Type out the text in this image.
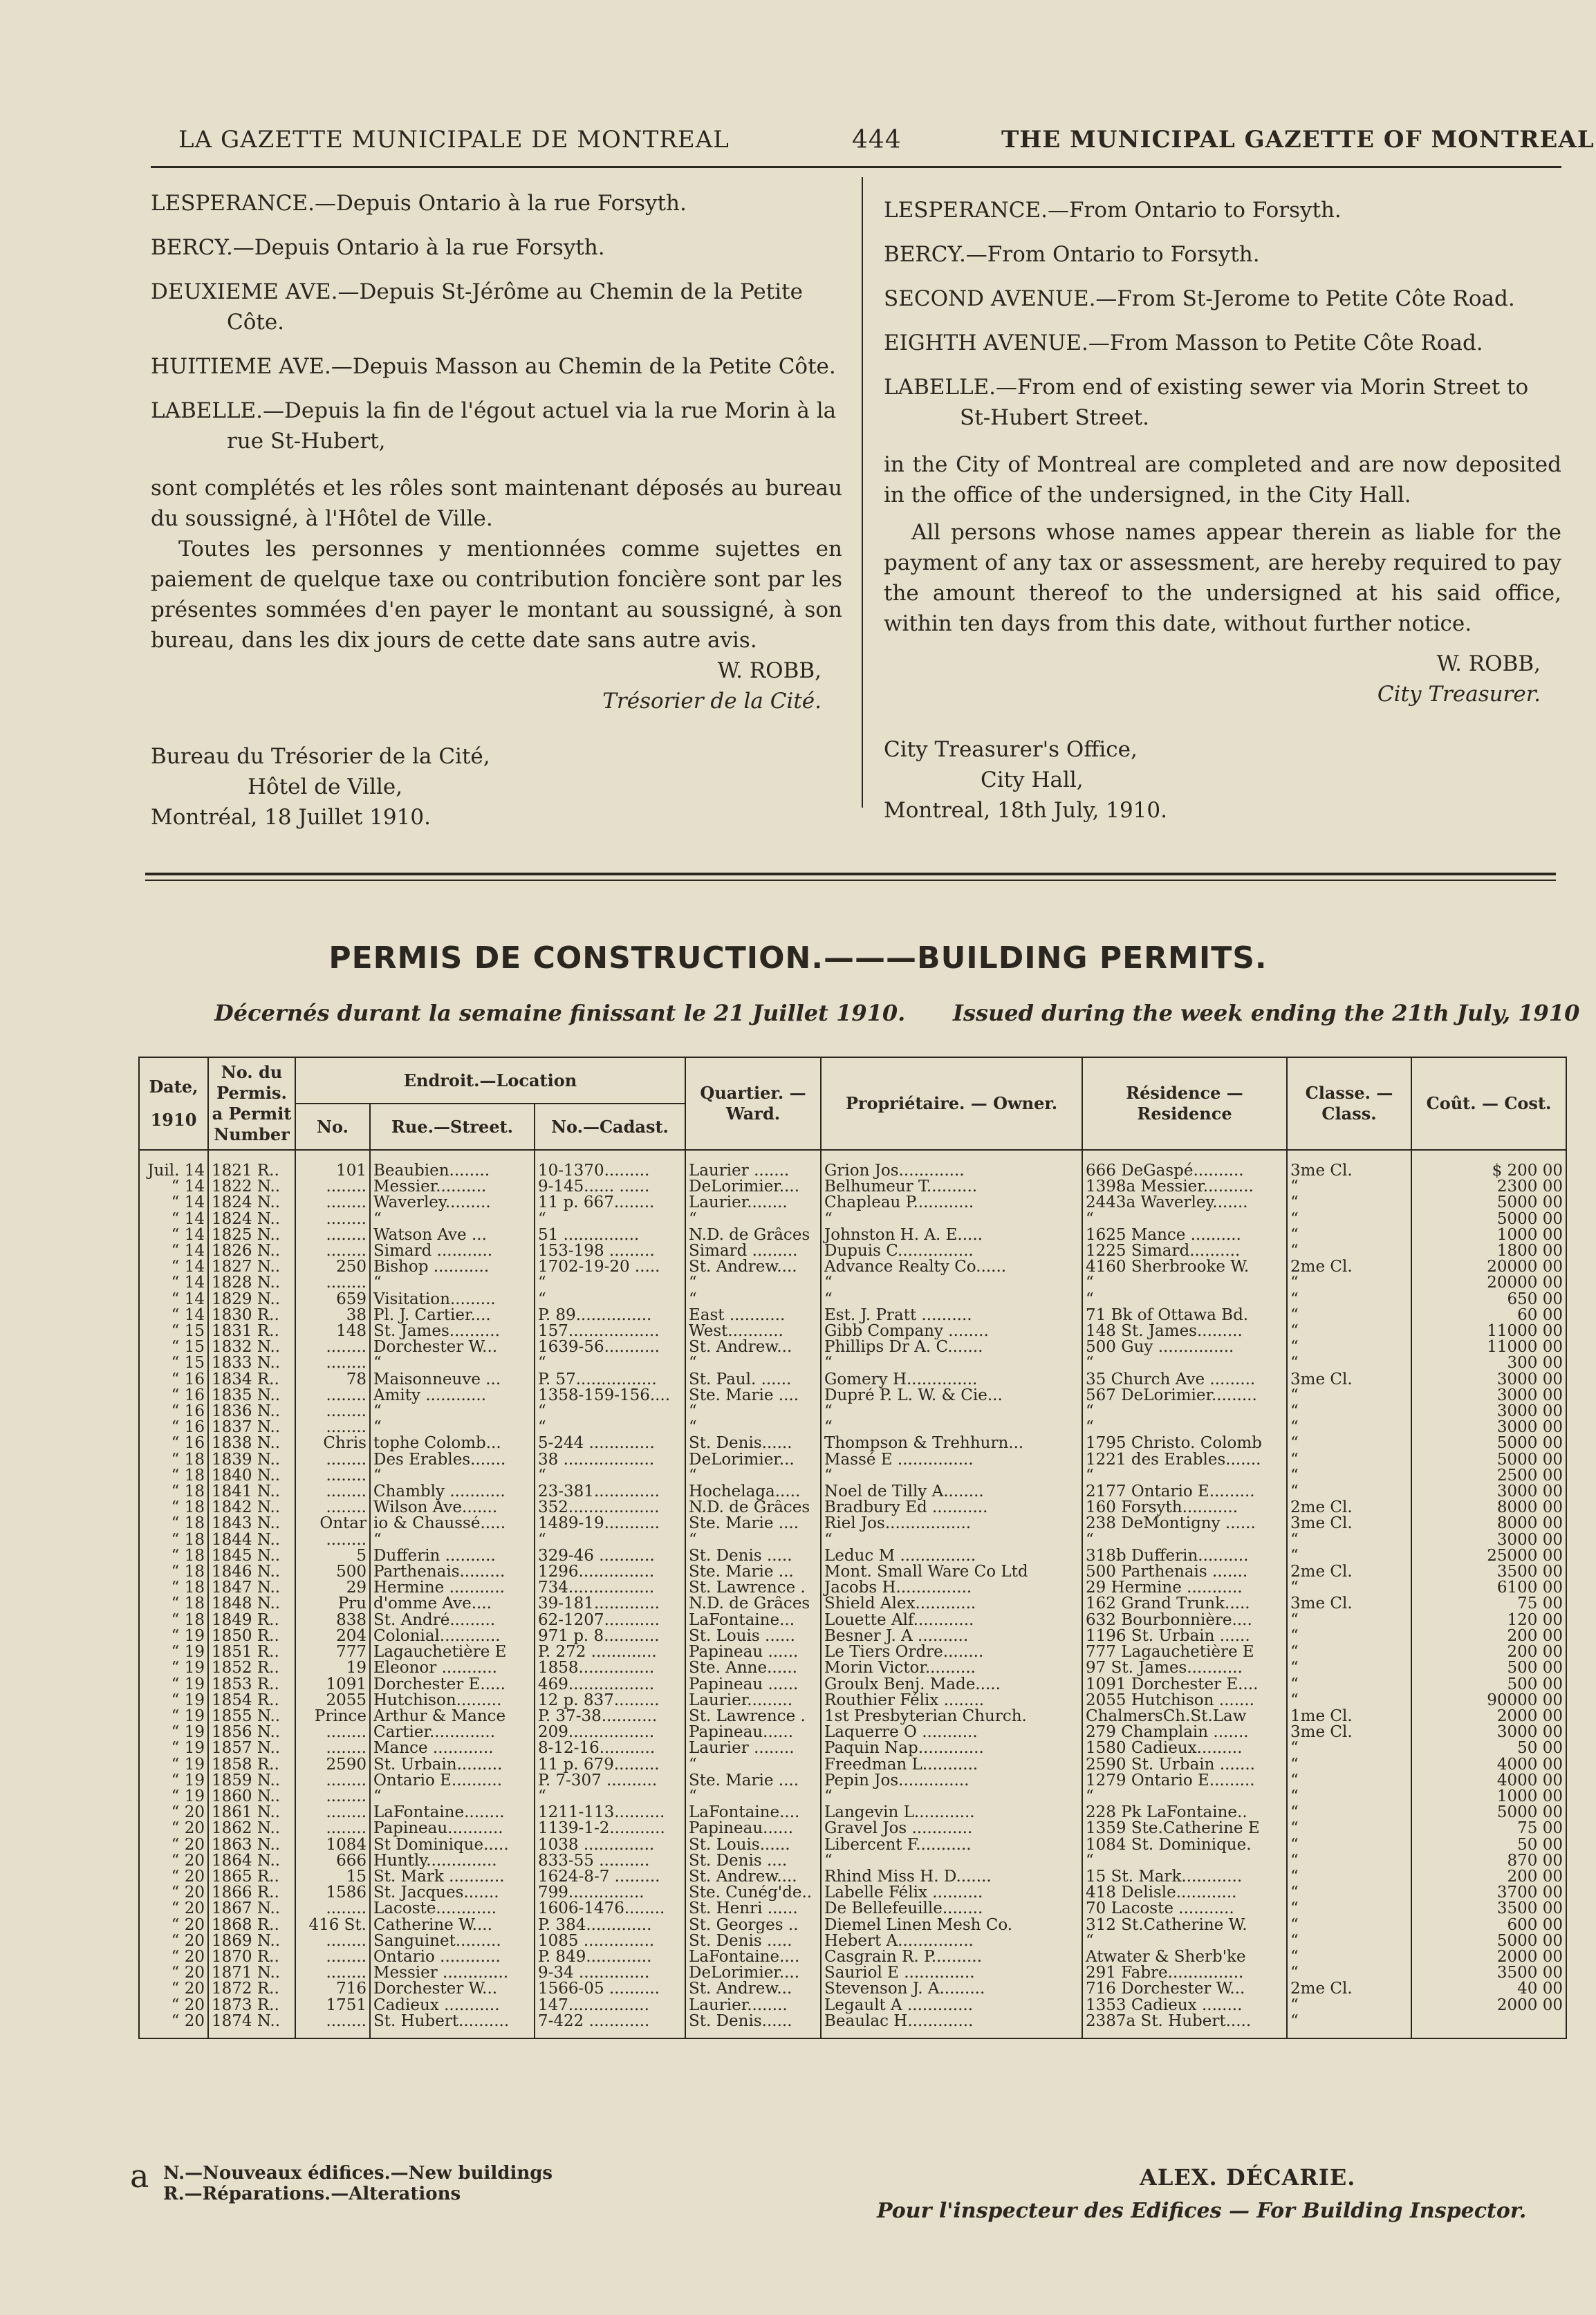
LA GAZETTE MUNICIPALE DE MONTREAL	444	THE MUNICIPAL GAZETTE OF MONTREAL

LESPERANCE.—Depuis Ontario à la rue Forsyth.

BERCY.—Depuis Ontario à la rue Forsyth.

DEUXIEME AVE.—Depuis St-Jérôme au Chemin de la Petite Côte.

HUITIEME AVE.—Depuis Masson au Chemin de la Petite Côte.

LABELLE.—Depuis la fin de l'égout actuel via la rue Morin à la rue St-Hubert,

sont complétés et les rôles sont maintenant déposés au bureau du soussigné, à l'Hôtel de Ville.

Toutes les personnes y mentionnées comme sujettes en paiement de quelque taxe ou contribution foncière sont par les présentes sommées d'en payer le montant au soussigné, à son bureau, dans les dix jours de cette date sans autre avis.

W. ROBB,

Trésorier de la Cité.

Bureau du Trésorier de la Cité,

Hôtel de Ville,

Montréal, 18 Juillet 1910.

LESPERANCE.—From Ontario to Forsyth.

BERCY.—From Ontario to Forsyth.

SECOND AVENUE.—From St-Jerome to Petite Côte Road.

EIGHTH AVENUE.—From Masson to Petite Côte Road.

LABELLE.—From end of existing sewer via Morin Street to St-Hubert Street.

in the City of Montreal are completed and are now deposited in the office of the undersigned, in the City Hall.

All persons whose names appear therein as liable for the payment of any tax or assessment, are hereby required to pay the amount thereof to the undersigned at his said office, within ten days from this date, without further notice.

W. ROBB,

City Treasurer.

City Treasurer's Office,

City Hall,

Montreal, 18th July, 1910.

PERMIS DE CONSTRUCTION.———BUILDING PERMITS.
Décernés durant la semaine finissant le 21 Juillet 1910. Issued during the week ending the 21th July, 1910
Date,
1910	No. du Permis. a Permit Number	Endroit.—Location			Quartier. — Ward.	Propriétaire. — Owner.	Résidence — Residence	Classe. — Class.	Coût. — Cost.
		No.	Rue.—Street.	No.—Cadast.					
Juil. 14	1821 R..	101	Beaubien........	10-1370.........	Laurier .......	Grion Jos.............	666 DeGaspé..........	3me Cl.	$ 200 00
“ 14	1822 N..	........	Messier..........	9-145...... ......	DeLorimier....	Belhumeur T..........	1398a Messier..........	“	2300 00
“ 14	1824 N..	........	Waverley.........	11 p. 667........	Laurier........	Chapleau P............	2443a Waverley.......	“	5000 00
“ 14	1824 N..	........	“	“	“	“	“	“	5000 00
“ 14	1825 N..	........	Watson Ave ...	51 ...............	N.D. de Grâces	Johnston H. A. E.....	1625 Mance ..........	“	1000 00
“ 14	1826 N..	........	Simard ...........	153-198 .........	Simard .........	Dupuis C...............	1225 Simard..........	“	1800 00
“ 14	1827 N..	250	Bishop ...........	1702-19-20 .....	St. Andrew....	Advance Realty Co......	4160 Sherbrooke W.	2me Cl.	20000 00
“ 14	1828 N..	........	“	“	“	“	“	“	20000 00
“ 14	1829 N..	659	Visitation.........	“	“	“	“	“	650 00
“ 14	1830 R..	38	Pl. J. Cartier....	P. 89...............	East ...........	Est. J. Pratt ..........	71 Bk of Ottawa Bd.	“	60 00
“ 15	1831 R..	148	St. James..........	157..................	West...........	Gibb Company ........	148 St. James.........	“	11000 00
“ 15	1832 N..	........	Dorchester W...	1639-56...........	St. Andrew...	Phillips Dr A. C.......	500 Guy ...............	“	11000 00
“ 15	1833 N..	........	“	“	“	“	“	“	300 00
“ 16	1834 R..	78	Maisonneuve ...	P. 57................	St. Paul. ......	Gomery H..............	35 Church Ave .........	3me Cl.	3000 00
“ 16	1835 N..	........	Amity ............	1358-159-156....	Ste. Marie ....	Dupré P. L. W. & Cie...	567 DeLorimier.........	“	3000 00
“ 16	1836 N..	........	“	“	“	“	“	“	3000 00
“ 16	1837 N..	........	“	“	“	“	“	“	3000 00
“ 16	1838 N..	Chris	tophe Colomb...	5-244 .............	St. Denis......	Thompson & Trehhurn...	1795 Christo. Colomb	“	5000 00
“ 18	1839 N..	........	Des Erables.......	38 ..................	DeLorimier...	Massé E ...............	1221 des Erables.......	“	5000 00
“ 18	1840 N..	........	“	“	“	“	“	“	2500 00
“ 18	1841 N..	........	Chambly ...........	23-381.............	Hochelaga.....	Noel de Tilly A........	2177 Ontario E.........	“	3000 00
“ 18	1842 N..	........	Wilson Ave.......	352..................	N.D. de Grâces	Bradbury Ed ...........	160 Forsyth...........	2me Cl.	8000 00
“ 18	1843 N..	Ontar	io & Chaussé.....	1489-19...........	Ste. Marie ....	Riel Jos.................	238 DeMontigny ......	3me Cl.	8000 00
“ 18	1844 N..	........	“	“	“	“	“	“	3000 00
“ 18	1845 N..	5	Dufferin ..........	329-46 ...........	St. Denis .....	Leduc M ...............	318b Dufferin..........	“	25000 00
“ 18	1846 N..	500	Parthenais.........	1296...............	Ste. Marie ...	Mont. Small Ware Co Ltd	500 Parthenais .......	2me Cl.	3500 00
“ 18	1847 N..	29	Hermine ...........	734.................	St. Lawrence .	Jacobs H...............	29 Hermine ...........	“	6100 00
“ 18	1848 N..	Pru	d'omme Ave....	39-181.............	N.D. de Grâces	Shield Alex............	162 Grand Trunk.....	3me Cl.	75 00
“ 18	1849 R..	838	St. André.........	62-1207...........	LaFontaine...	Louette Alf............	632 Bourbonnière....	“	120 00
“ 19	1850 R..	204	Colonial............	971 p. 8...........	St. Louis ......	Besner J. A ..........	1196 St. Urbain ......	“	200 00
“ 19	1851 R..	777	Lagauchetière E	P. 272 .............	Papineau ......	Le Tiers Ordre........	777 Lagauchetière E	“	200 00
“ 19	1852 R..	19	Eleonor ...........	1858...............	Ste. Anne......	Morin Victor..........	97 St. James...........	“	500 00
“ 19	1853 R..	1091	Dorchester E.....	469.................	Papineau ......	Groulx Benj. Made.....	1091 Dorchester E....	“	500 00
“ 19	1854 R..	2055	Hutchison.........	12 p. 837.........	Laurier.........	Routhier Félix ........	2055 Hutchison .......	“	90000 00
“ 19	1855 N..	Prince	Arthur & Mance	P. 37-38...........	St. Lawrence .	1st Presbyterian Church.	ChalmersCh.St.Law	1me Cl.	2000 00
“ 19	1856 N..	........	Cartier.............	209.................	Papineau......	Laquerre O ...........	279 Champlain .......	3me Cl.	3000 00
“ 19	1857 N..	........	Mance ............	8-12-16...........	Laurier ........	Paquin Nap.............	1580 Cadieux.........	“	50 00
“ 19	1858 R..	2590	St. Urbain.........	11 p. 679.........	“	Freedman L...........	2590 St. Urbain .......	“	4000 00
“ 19	1859 N..	........	Ontario E..........	P. 7-307 ..........	Ste. Marie ....	Pepin Jos..............	1279 Ontario E.........	“	4000 00
“ 19	1860 N..	........	“	“	“	“	“	“	1000 00
“ 20	1861 N..	........	LaFontaine........	1211-113..........	LaFontaine....	Langevin L............	228 Pk LaFontaine..	“	5000 00
“ 20	1862 N..	........	Papineau...........	1139-1-2...........	Papineau......	Gravel Jos ............	1359 Ste.Catherine E	“	75 00
“ 20	1863 N..	1084	St Dominique.....	1038 ..............	St. Louis......	Libercent F...........	1084 St. Dominique.	“	50 00
“ 20	1864 N..	666	Huntly..............	833-55 ..........	St. Denis ....	“	“	“	870 00
“ 20	1865 R..	15	St. Mark ...........	1624-8-7 .........	St. Andrew....	Rhind Miss H. D.......	15 St. Mark............	“	200 00
“ 20	1866 R..	1586	St. Jacques.......	799...............	Ste. Cunég'de..	Labelle Félix ..........	418 Delisle............	“	3700 00
“ 20	1867 N..	........	Lacoste............	1606-1476........	St. Henri ......	De Bellefeuille........	70 Lacoste ...........	“	3500 00
“ 20	1868 R..	416 St.	Catherine W....	P. 384.............	St. Georges ..	Diemel Linen Mesh Co.	312 St.Catherine W.	“	600 00
“ 20	1869 N..	........	Sanguinet.........	1085 ..............	St. Denis .....	Hebert A...............	“	“	5000 00
“ 20	1870 R..	........	Ontario ............	P. 849.............	LaFontaine....	Casgrain R. P..........	Atwater & Sherb'ke	“	2000 00
“ 20	1871 N..	........	Messier .............	9-34 ..............	DeLorimier....	Sauriol E ..............	291 Fabre...............	“	3500 00
“ 20	1872 R..	716	Dorchester W...	1566-05 ..........	St. Andrew...	Stevenson J. A.........	716 Dorchester W...	2me Cl.	40 00
“ 20	1873 R..	1751	Cadieux ...........	147................	Laurier........	Legault A .............	1353 Cadieux ........	“	2000 00
“ 20	1874 N..	........	St. Hubert..........	7-422 ............	St. Denis......	Beaulac H.............	2387a St. Hubert.....	“	
a N.—Nouveaux édifices.—New buildings
R.—Réparations.—Alterations
ALEX. DÉCARIE.
Pour l'inspecteur des Edifices — For Building Inspector.
